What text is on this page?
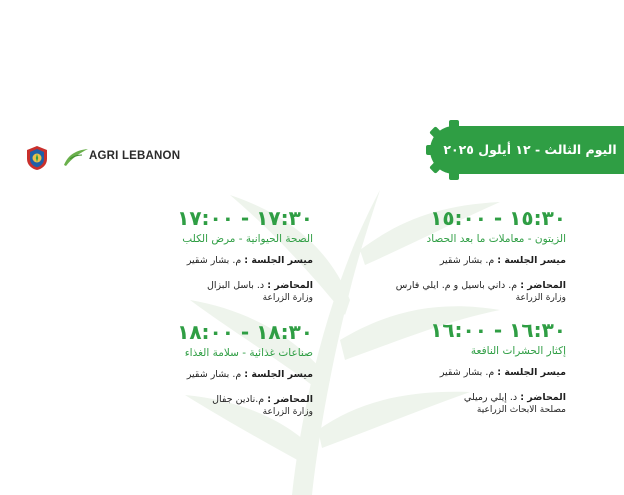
اليوم الثالث - ١٢ أيلول ٢٠٢٥
AGRI LEBANON
١٥:٣٠ - ١٥:٠٠
الزيتون - معاملات ما بعد الحصاد
ميسر الجلسة : م. بشار شقير
المحاضر : م. داني باسيل و م. ايلي فارس
وزارة الزراعة
١٦:٣٠ - ١٦:٠٠
إكثار الحشرات النافعة
ميسر الجلسة : م. بشار شقير
المحاضر : د. إيلي رميلي
مصلحة الابحاث الزراعية
١٧:٣٠ - ١٧:٠٠
الصحة الحيوانية - مرض الكلب
ميسر الجلسة : م. بشار شقير
المحاضر : د. باسل البزال
وزارة الزراعة
١٨:٣٠ - ١٨:٠٠
صناعات غذائية - سلامة الغذاء
ميسر الجلسة : م. بشار شقير
المحاضر : م.نادين جفال
وزارة الزراعة
